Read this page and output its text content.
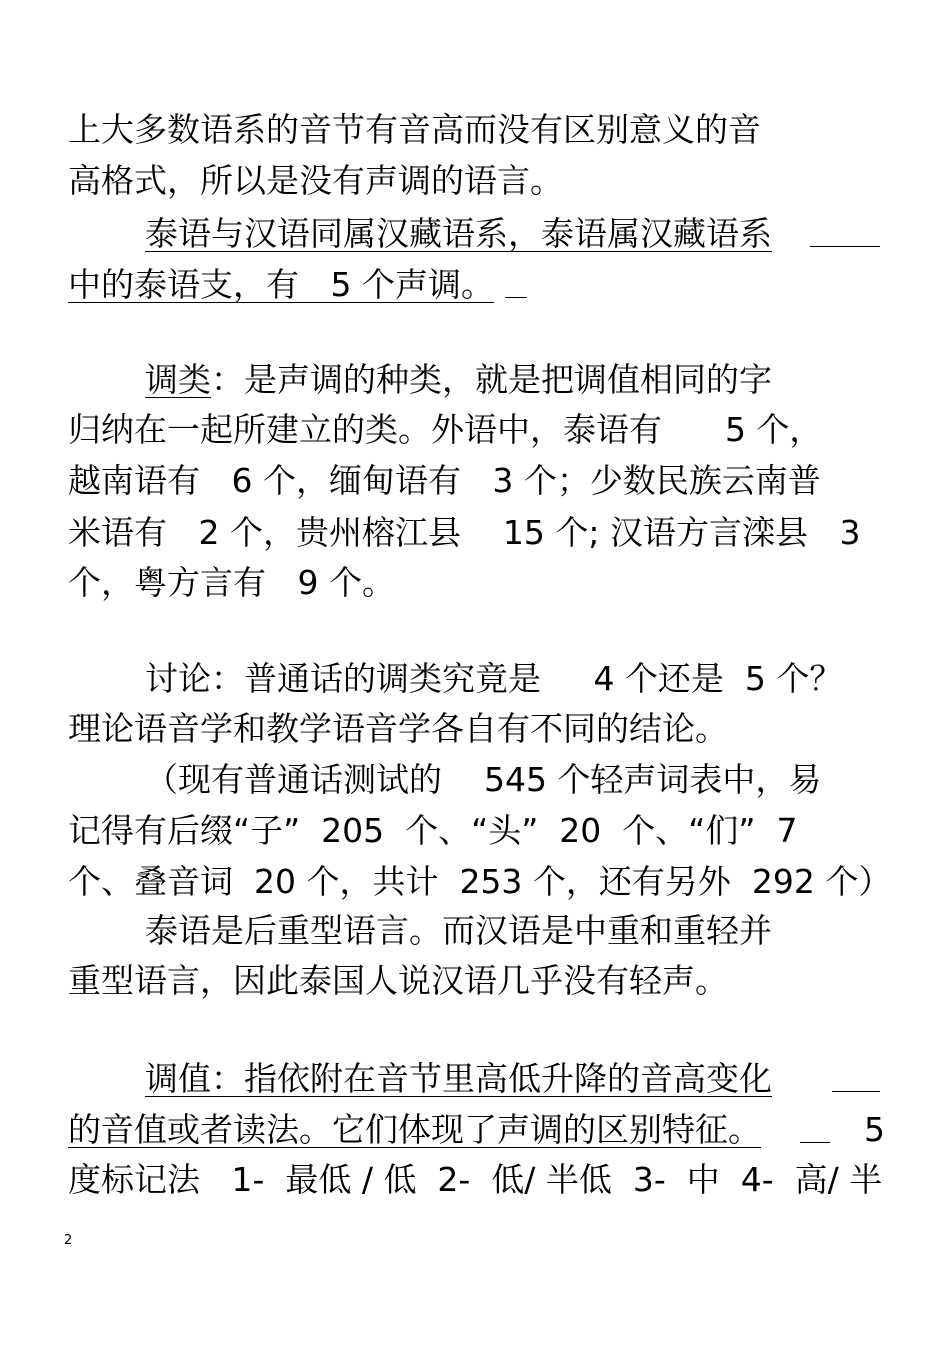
上大多数语系的音节有音高而没有区别意义的音
高格式，所以是没有声调的语言。
泰语与汉语同属汉藏语系，泰语属汉藏语系
中的泰语支，有   5 个声调。
调类：是声调的种类，就是把调值相同的字
归纳在一起所建立的类。外语中，泰语有      5 个，
越南语有   6 个，缅甸语有   3 个；少数民族云南普
米语有   2 个，贵州榕江县    15 个; 汉语方言滦县   3
个，粤方言有   9 个。
讨论：普通话的调类究竟是     4 个还是  5 个？
理论语音学和教学语音学各自有不同的结论。
（现有普通话测试的    545 个轻声词表中，易
记得有后缀“子”  205  个、“头”  20  个、“们”  7
个、叠音词  20 个，共计  253 个，还有另外  292 个）
泰语是后重型语言。而汉语是中重和重轻并
重型语言，因此泰国人说汉语几乎没有轻声。
调值：指依附在音节里高低升降的音高变化
的音值或者读法。它们体现了声调的区别特征。	5
度标记法   1-  最低 / 低  2-  低/ 半低  3-  中  4-  高/ 半
2
